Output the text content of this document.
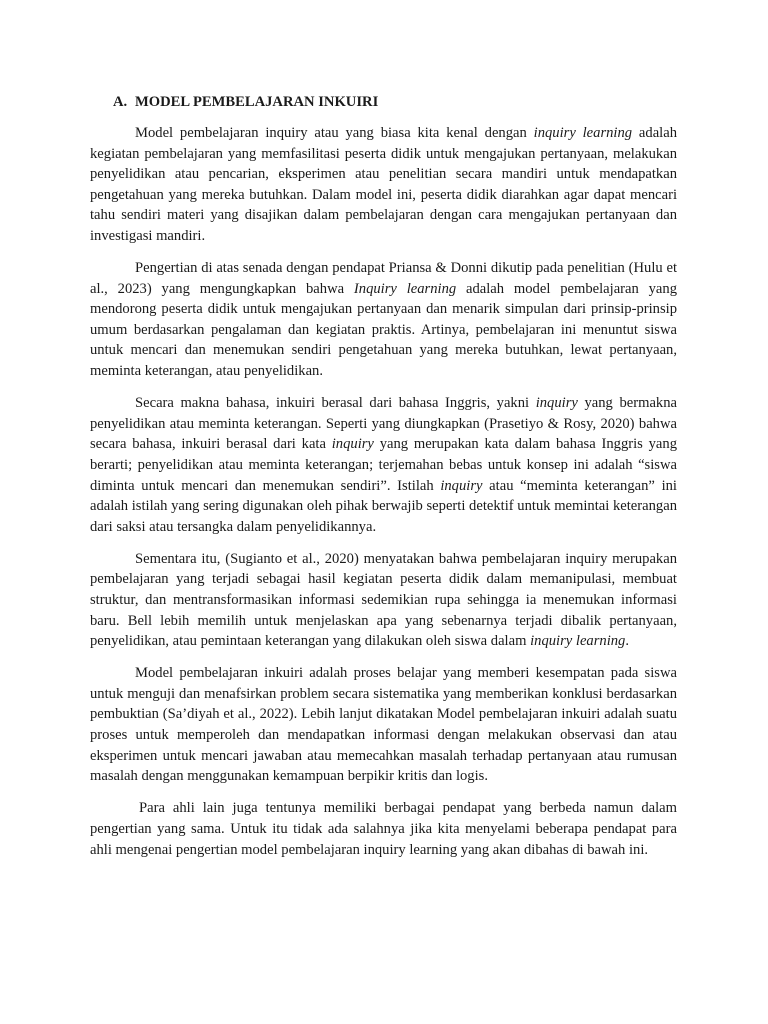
A. MODEL PEMBELAJARAN INKUIRI

Model pembelajaran inquiry atau yang biasa kita kenal dengan inquiry learning adalah kegiatan pembelajaran yang memfasilitasi peserta didik untuk mengajukan pertanyaan, melakukan penyelidikan atau pencarian, eksperimen atau penelitian secara mandiri untuk mendapatkan pengetahuan yang mereka butuhkan. Dalam model ini, peserta didik diarahkan agar dapat mencari tahu sendiri materi yang disajikan dalam pembelajaran dengan cara mengajukan pertanyaan dan investigasi mandiri.

Pengertian di atas senada dengan pendapat Priansa & Donni dikutip pada penelitian (Hulu et al., 2023) yang mengungkapkan bahwa Inquiry learning adalah model pembelajaran yang mendorong peserta didik untuk mengajukan pertanyaan dan menarik simpulan dari prinsip-prinsip umum berdasarkan pengalaman dan kegiatan praktis. Artinya, pembelajaran ini menuntut siswa untuk mencari dan menemukan sendiri pengetahuan yang mereka butuhkan, lewat pertanyaan, meminta keterangan, atau penyelidikan.

Secara makna bahasa, inkuiri berasal dari bahasa Inggris, yakni inquiry yang bermakna penyelidikan atau meminta keterangan. Seperti yang diungkapkan (Prasetiyo & Rosy, 2020) bahwa secara bahasa, inkuiri berasal dari kata inquiry yang merupakan kata dalam bahasa Inggris yang berarti; penyelidikan atau meminta keterangan; terjemahan bebas untuk konsep ini adalah “siswa diminta untuk mencari dan menemukan sendiri”. Istilah inquiry atau “meminta keterangan” ini adalah istilah yang sering digunakan oleh pihak berwajib seperti detektif untuk memintai keterangan dari saksi atau tersangka dalam penyelidikannya.

Sementara itu, (Sugianto et al., 2020) menyatakan bahwa pembelajaran inquiry merupakan pembelajaran yang terjadi sebagai hasil kegiatan peserta didik dalam memanipulasi, membuat struktur, dan mentransformasikan informasi sedemikian rupa sehingga ia menemukan informasi baru. Bell lebih memilih untuk menjelaskan apa yang sebenarnya terjadi dibalik pertanyaan, penyelidikan, atau pemintaan keterangan yang dilakukan oleh siswa dalam inquiry learning.

Model pembelajaran inkuiri adalah proses belajar yang memberi kesempatan pada siswa untuk menguji dan menafsirkan problem secara sistematika yang memberikan konklusi berdasarkan pembuktian (Sa’diyah et al., 2022). Lebih lanjut dikatakan Model pembelajaran inkuiri adalah suatu proses untuk memperoleh dan mendapatkan informasi dengan melakukan observasi dan atau eksperimen untuk mencari jawaban atau memecahkan masalah terhadap pertanyaan atau rumusan masalah dengan menggunakan kemampuan berpikir kritis dan logis.

Para ahli lain juga tentunya memiliki berbagai pendapat yang berbeda namun dalam pengertian yang sama. Untuk itu tidak ada salahnya jika kita menyelami beberapa pendapat para ahli mengenai pengertian model pembelajaran inquiry learning yang akan dibahas di bawah ini.
